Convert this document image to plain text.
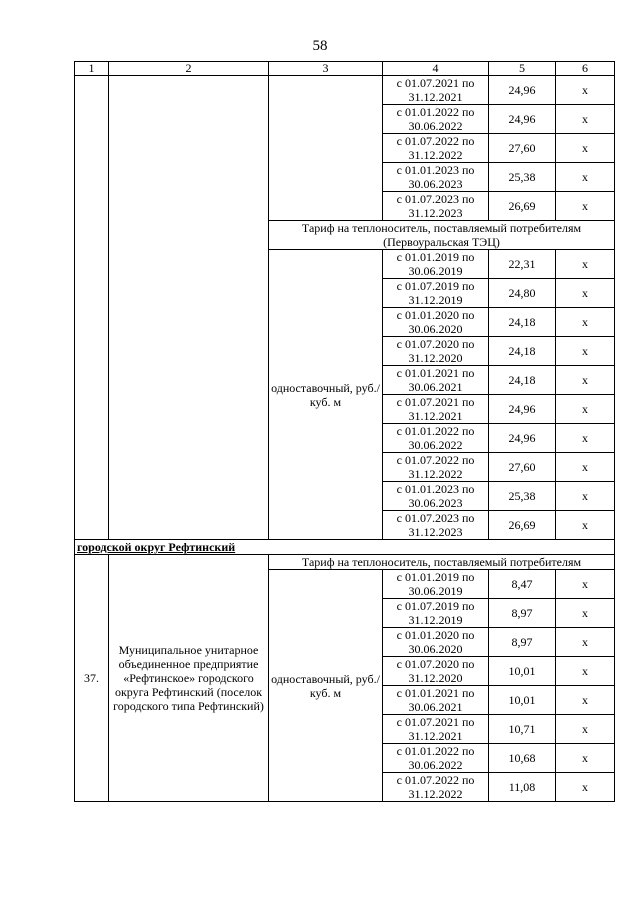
58
1	2	3	4	5	6
			с 01.07.2021 по 31.12.2021	24,96	х
			с 01.01.2022 по 30.06.2022	24,96	х
			с 01.07.2022 по 31.12.2022	27,60	х
			с 01.01.2023 по 30.06.2023	25,38	х
			с 01.07.2023 по 31.12.2023	26,69	х
		Тариф на теплоноситель, поставляемый потребителям (Первоуральская ТЭЦ)			
		одноставочный, руб./куб. м	с 01.01.2019 по 30.06.2019	22,31	х
			с 01.07.2019 по 31.12.2019	24,80	х
			с 01.01.2020 по 30.06.2020	24,18	х
			с 01.07.2020 по 31.12.2020	24,18	х
			с 01.01.2021 по 30.06.2021	24,18	х
			с 01.07.2021 по 31.12.2021	24,96	х
			с 01.01.2022 по 30.06.2022	24,96	х
			с 01.07.2022 по 31.12.2022	27,60	х
			с 01.01.2023 по 30.06.2023	25,38	х
			с 01.07.2023 по 31.12.2023	26,69	х
городской округ Рефтинский					
37.	Муниципальное унитарное объединенное предприятие «Рефтинское» городского округа Рефтинский (поселок городского типа Рефтинский)	Тариф на теплоноситель, поставляемый потребителям			
		одноставочный, руб./куб. м	с 01.01.2019 по 30.06.2019	8,47	х
			с 01.07.2019 по 31.12.2019	8,97	х
			с 01.01.2020 по 30.06.2020	8,97	х
			с 01.07.2020 по 31.12.2020	10,01	х
			с 01.01.2021 по 30.06.2021	10,01	х
			с 01.07.2021 по 31.12.2021	10,71	х
			с 01.01.2022 по 30.06.2022	10,68	х
			с 01.07.2022 по 31.12.2022	11,08	х
